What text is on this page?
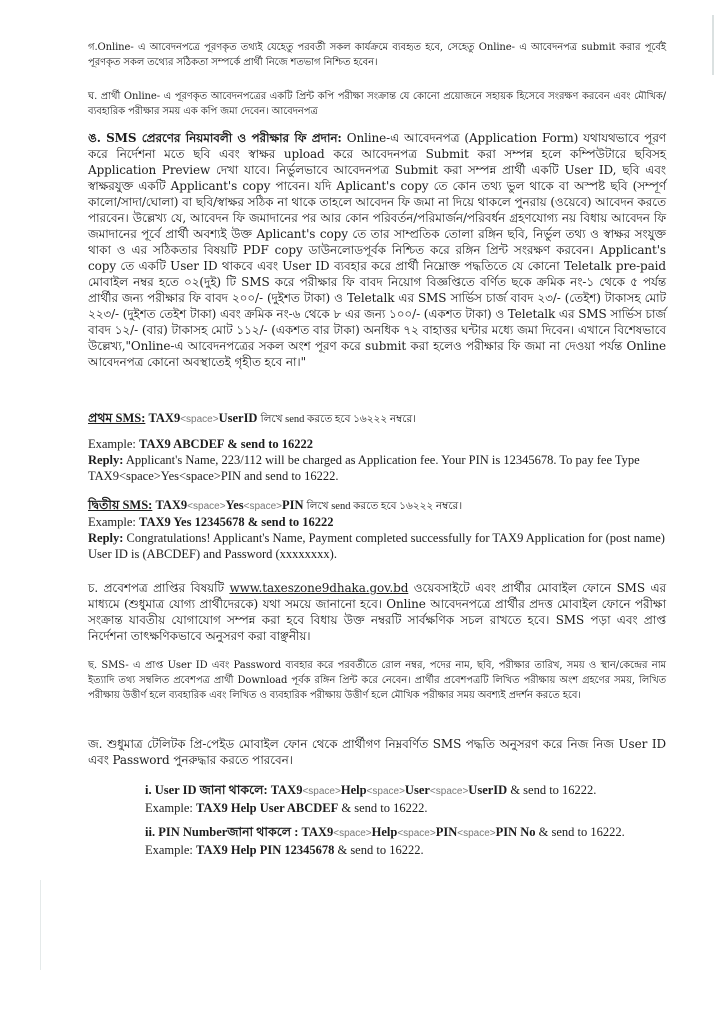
গ.Online- এ আবেদনপত্রে পূরণকৃত তথ্যই যেহেতু পরবর্তী সকল কার্যক্রমে ব্যবহৃত হবে, সেহেতু Online- এ আবেদনপত্র submit করার পূর্বেই পূরণকৃত সকল তথ্যের সঠিকতা সম্পর্কে প্রার্থী নিজে শতভাগ নিশ্চিত হবেন।

ঘ. প্রার্থী Online- এ পূরণকৃত আবেদনপত্রের একটি প্রিন্ট কপি পরীক্ষা সংক্রান্ত যে কোনো প্রয়োজনে সহায়ক হিসেবে সংরক্ষণ করবেন এবং মৌখিক/ব্যবহারিক পরীক্ষার সময় এক কপি জমা দেবেন। আবেদনপত্র

ঙ. SMS প্রেরণের নিয়মাবলী ও পরীক্ষার ফি প্রদান: Online-এ আবেদনপত্র (Application Form) যথাযথভাবে পূরণ করে নির্দেশনা মতে ছবি এবং স্বাক্ষর upload করে আবেদনপত্র Submit করা সম্পন্ন হলে কম্পিউটারে ছবিসহ Application Preview দেখা যাবে। নির্ভুলভাবে আবেদনপত্র Submit করা সম্পন্ন প্রার্থী একটি User ID, ছবি এবং স্বাক্ষরযুক্ত একটি Applicant's copy পাবেন। যদি Aplicant's copy তে কোন তথ্য ভুল থাকে বা অস্পষ্ট ছবি (সম্পূর্ণ কালো/সাদা/ঘোলা) বা ছবি/স্বাক্ষর সঠিক না থাকে তাহলে আবেদন ফি জমা না দিয়ে থাকলে পুনরায় (ওয়েবে) আবেদন করতে পারবেন। উল্লেখ্য যে, আবেদন ফি জমাদানের পর আর কোন পরিবর্তন/পরিমার্জন/পরিবর্ধন গ্রহণযোগ্য নয় বিধায় আবেদন ফি জমাদানের পূর্বে প্রার্থী অবশ্যই উক্ত Aplicant's copy তে তার সাম্প্রতিক তোলা রঙ্গিন ছবি, নির্ভুল তথ্য ও স্বাক্ষর সংযুক্ত থাকা ও এর সঠিকতার বিষয়টি PDF copy ডাউনলোডপূর্বক নিশ্চিত করে রঙ্গিন প্রিন্ট সংরক্ষণ করবেন। Applicant's copy তে একটি User ID থাকবে এবং User ID ব্যবহার করে প্রার্থী নিম্নোক্ত পদ্ধতিতে যে কোনো Teletalk pre-paid মোবাইল নম্বর হতে ০২(দুই) টি SMS করে পরীক্ষার ফি বাবদ নিয়োগ বিজ্ঞপ্তিতে বর্ণিত ছকে ক্রমিক নং-১ থেকে ৫ পর্যন্ত প্রার্থীর জন্য পরীক্ষার ফি বাবদ ২০০/- (দুইশত টাকা) ও Teletalk এর SMS সার্ভিস চার্জ বাবদ ২৩/- (তেইশ) টাকাসহ মোট ২২৩/- (দুইশত তেইশ টাকা) এবং ক্রমিক নং-৬ থেকে ৮ এর জন্য ১০০/- (একশত টাকা) ও Teletalk এর SMS সার্ভিস চার্জ বাবদ ১২/- (বার) টাকাসহ মোট ১১২/- (একশত বার টাকা) অনধিক ৭২ বাহাত্তর ঘন্টার মধ্যে জমা দিবেন। এখানে বিশেষভাবে উল্লেখ্য,"Online-এ আবেদনপত্রের সকল অংশ পূরণ করে submit করা হলেও পরীক্ষার ফি জমা না দেওয়া পর্যন্ত Online আবেদনপত্র কোনো অবস্থাতেই গৃহীত হবে না।"

প্রথম SMS: TAX9<space>UserID লিখে send করতে হবে ১৬২২২ নম্বরে।

Example: TAX9 ABCDEF & send to 16222
Reply: Applicant's Name, 223/112 will be charged as Application fee. Your PIN is 12345678. To pay fee Type TAX9<space>Yes<space>PIN and send to 16222.

দ্বিতীয় SMS: TAX9<space>Yes<space>PIN লিখে send করতে হবে ১৬২২২ নম্বরে।

Example: TAX9 Yes 12345678 & send to 16222
Reply: Congratulations! Applicant's Name, Payment completed successfully for TAX9 Application for (post name) User ID is (ABCDEF) and Password (xxxxxxxx).

চ. প্রবেশপত্র প্রাপ্তির বিষয়টি www.taxeszone9dhaka.gov.bd ওয়েবসাইটে এবং প্রার্থীর মোবাইল ফোনে SMS এর মাধ্যমে (শুধুমাত্র যোগ্য প্রার্থীদেরকে) যথা সময়ে জানানো হবে। Online আবেদনপত্রে প্রার্থীর প্রদত্ত মোবাইল ফোনে পরীক্ষা সংক্রান্ত যাবতীয় যোগাযোগ সম্পন্ন করা হবে বিধায় উক্ত নম্বরটি সার্বক্ষণিক সচল রাখতে হবে। SMS পড়া এবং প্রাপ্ত নির্দেশনা তাৎক্ষণিকভাবে অনুসরণ করা বাঞ্ছনীয়।

ছ. SMS- এ প্রাপ্ত User ID এবং Password ব্যবহার করে পরবর্তীতে রোল নম্বর, পদের নাম, ছবি, পরীক্ষার তারিখ, সময় ও স্থান/কেন্দ্রের নাম ইত্যাদি তথ্য সম্বলিত প্রবেশপত্র প্রার্থী Download পূর্বক রঙ্গিন প্রিন্ট করে নেবেন। প্রার্থীর প্রবেশপত্রটি লিখিত পরীক্ষায় অংশ গ্রহণের সময়, লিখিত পরীক্ষায় উত্তীর্ণ হলে ব্যবহারিক এবং লিখিত ও ব্যবহারিক পরীক্ষায় উত্তীর্ণ হলে মৌখিক পরীক্ষার সময় অবশ্যই প্রদর্শন করতে হবে।

জ. শুধুমাত্র টেলিটক প্রি-পেইড মোবাইল ফোন থেকে প্রার্থীগণ নিম্নবর্ণিত SMS পদ্ধতি অনুসরণ করে নিজ নিজ User ID এবং Password পুনরুদ্ধার করতে পারবেন।

i. User ID জানা থাকলে: TAX9<space>Help<space>User<space>UserID & send to 16222.
Example: TAX9 Help User ABCDEF & send to 16222.

ii. PIN Numberজানা থাকলে : TAX9<space>Help<space>PIN<space>PIN No & send to 16222.
Example: TAX9 Help PIN 12345678 & send to 16222.
